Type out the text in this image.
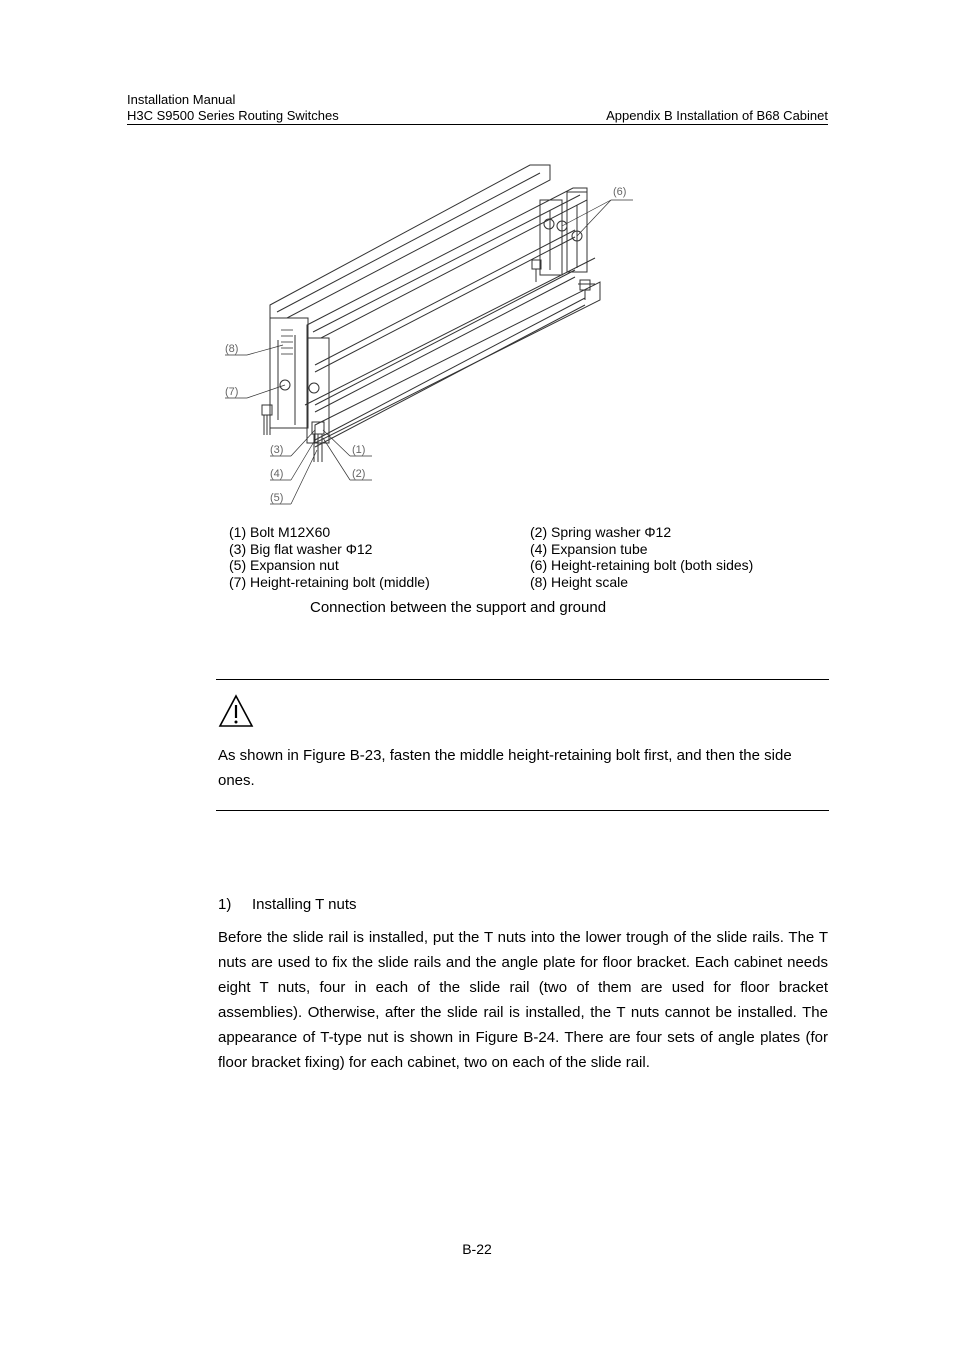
Installation Manual
H3C S9500 Series Routing Switches	Appendix B Installation of B68 Cabinet
(6)
(8)
(7)
(3)
(4)
(5)
(1)
(2)
(1) Bolt M12X60
(3) Big flat washer Φ12
(5) Expansion nut
(7) Height-retaining bolt (middle)
(2) Spring washer Φ12
(4) Expansion tube
(6) Height-retaining bolt (both sides)
(8) Height scale
Connection between the support and ground
As shown in Figure B-23, fasten the middle height-retaining bolt first, and then the side ones.
1) Installing T nuts
Before the slide rail is installed, put the T nuts into the lower trough of the slide rails. The T nuts are used to fix the slide rails and the angle plate for floor bracket. Each cabinet needs eight T nuts, four in each of the slide rail (two of them are used for floor bracket assemblies). Otherwise, after the slide rail is installed, the T nuts cannot be installed. The appearance of T-type nut is shown in Figure B-24. There are four sets of angle plates (for floor bracket fixing) for each cabinet, two on each of the slide rail.
B-22
